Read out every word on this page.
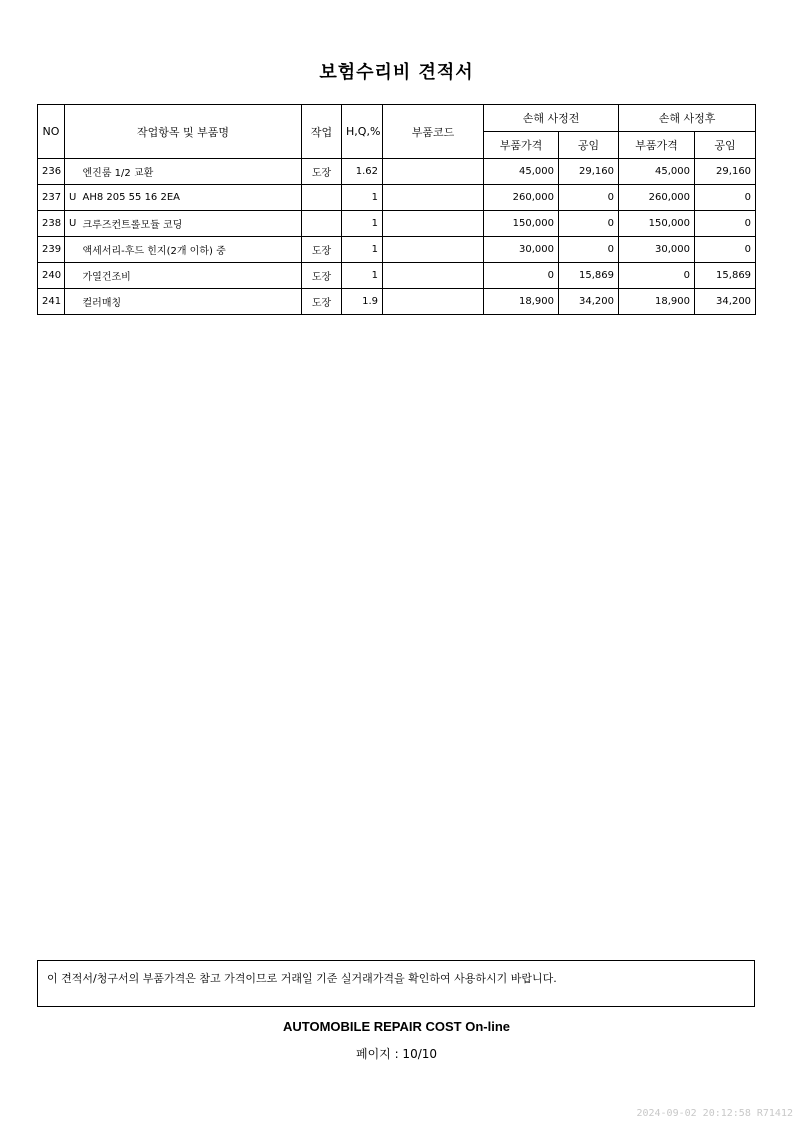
보험수리비 견적서
NO	작업항목 및 부품명		작업	H,Q,%	부품코드	손해 사정전		손해 사정후	
						부품가격	공임	부품가격	공임
236		엔진룸 1/2 교환	도장	1.62		45,000	29,160	45,000	29,160
237	U	AH8 205 55 16 2EA		1		260,000	0	260,000	0
238	U	크루즈컨트롤모듈 코딩		1		150,000	0	150,000	0
239		액세서리-후드 힌지(2개 이하) 중	도장	1		30,000	0	30,000	0
240		가열건조비	도장	1		0	15,869	0	15,869
241		컬러매칭	도장	1.9		18,900	34,200	18,900	34,200
이 견적서/청구서의 부품가격은 참고 가격이므로 거래일 기준 실거래가격을 확인하여 사용하시기 바랍니다.
AUTOMOBILE REPAIR COST On-line
페이지 : 10/10
2024-09-02 20:12:58 R71412
